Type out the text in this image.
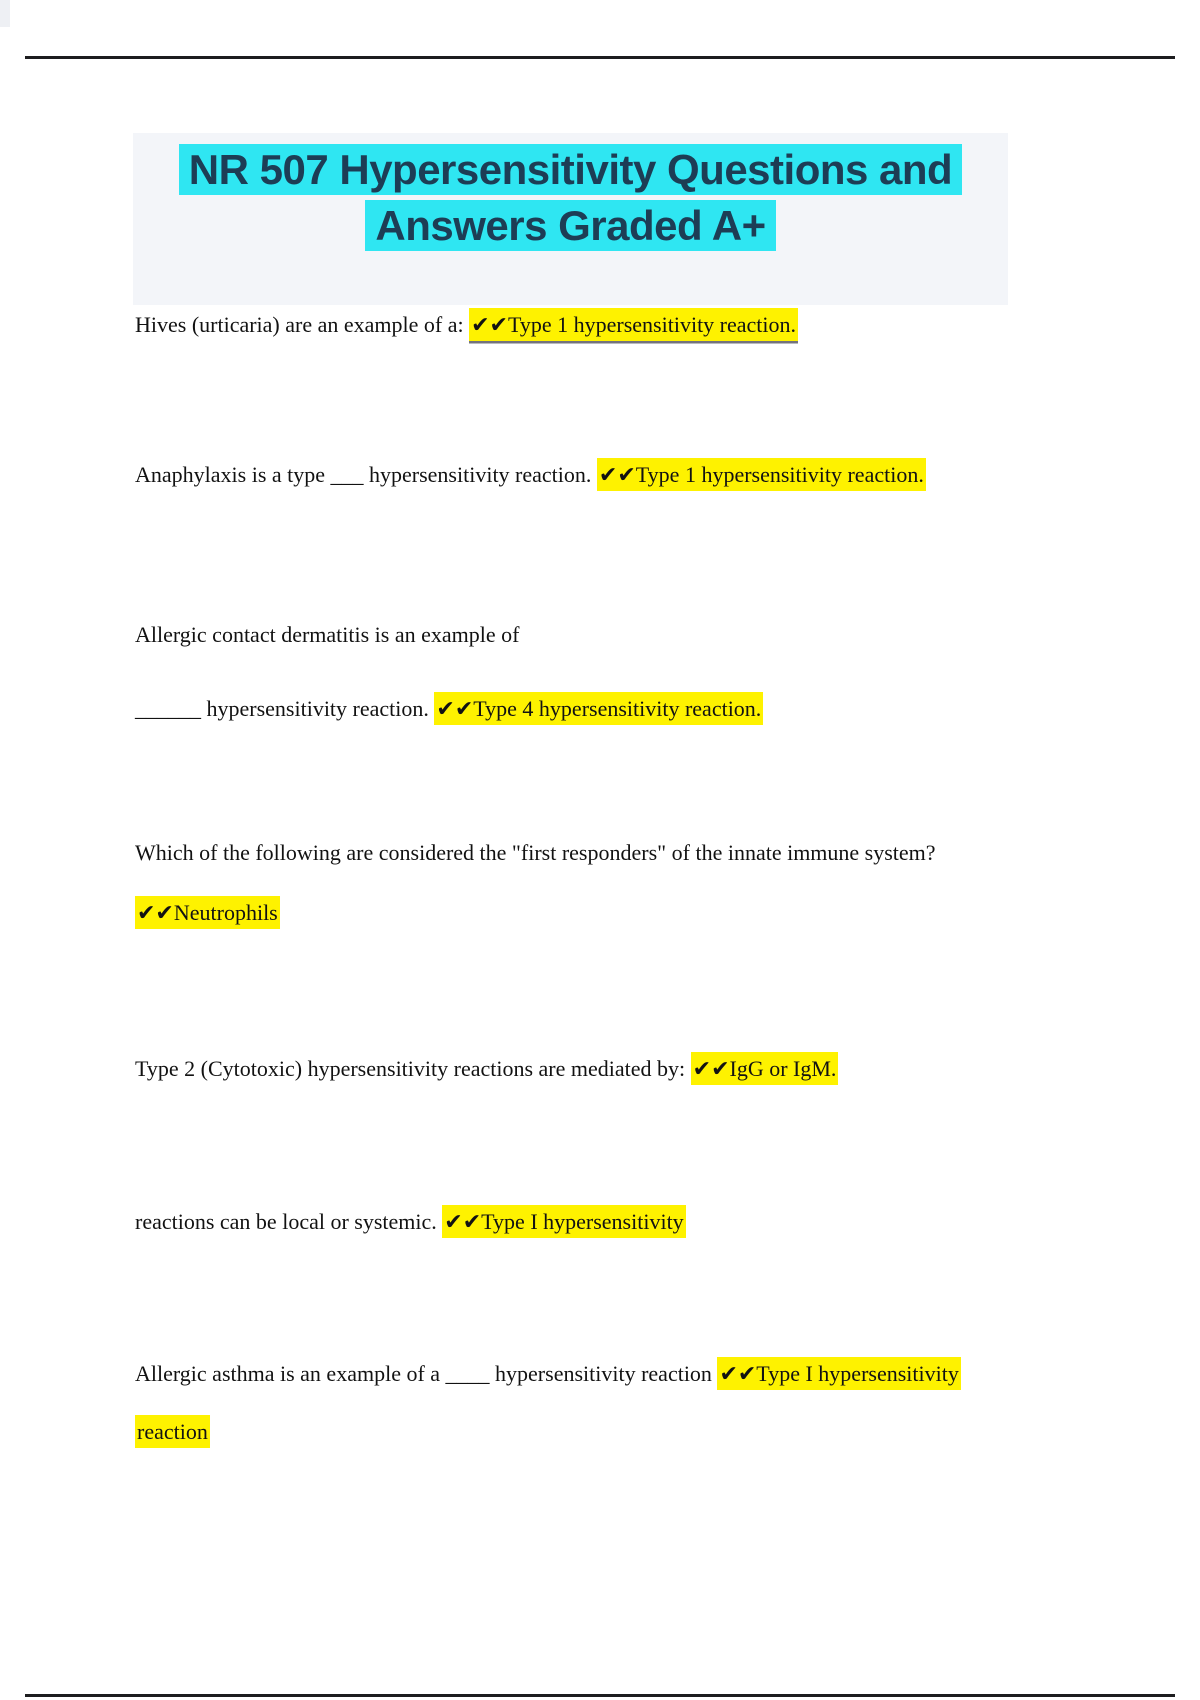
NR 507 Hypersensitivity Questions and
Answers Graded A+
Hives (urticaria) are an example of a: ✔✔Type 1 hypersensitivity reaction.
Anaphylaxis is a type ___ hypersensitivity reaction. ✔✔Type 1 hypersensitivity reaction.
Allergic contact dermatitis is an example of
______ hypersensitivity reaction. ✔✔Type 4 hypersensitivity reaction.
Which of the following are considered the "first responders" of the innate immune system?
✔✔Neutrophils
Type 2 (Cytotoxic) hypersensitivity reactions are mediated by: ✔✔IgG or IgM.
reactions can be local or systemic. ✔✔Type I hypersensitivity
Allergic asthma is an example of a ____ hypersensitivity reaction ✔✔Type I hypersensitivity
reaction
